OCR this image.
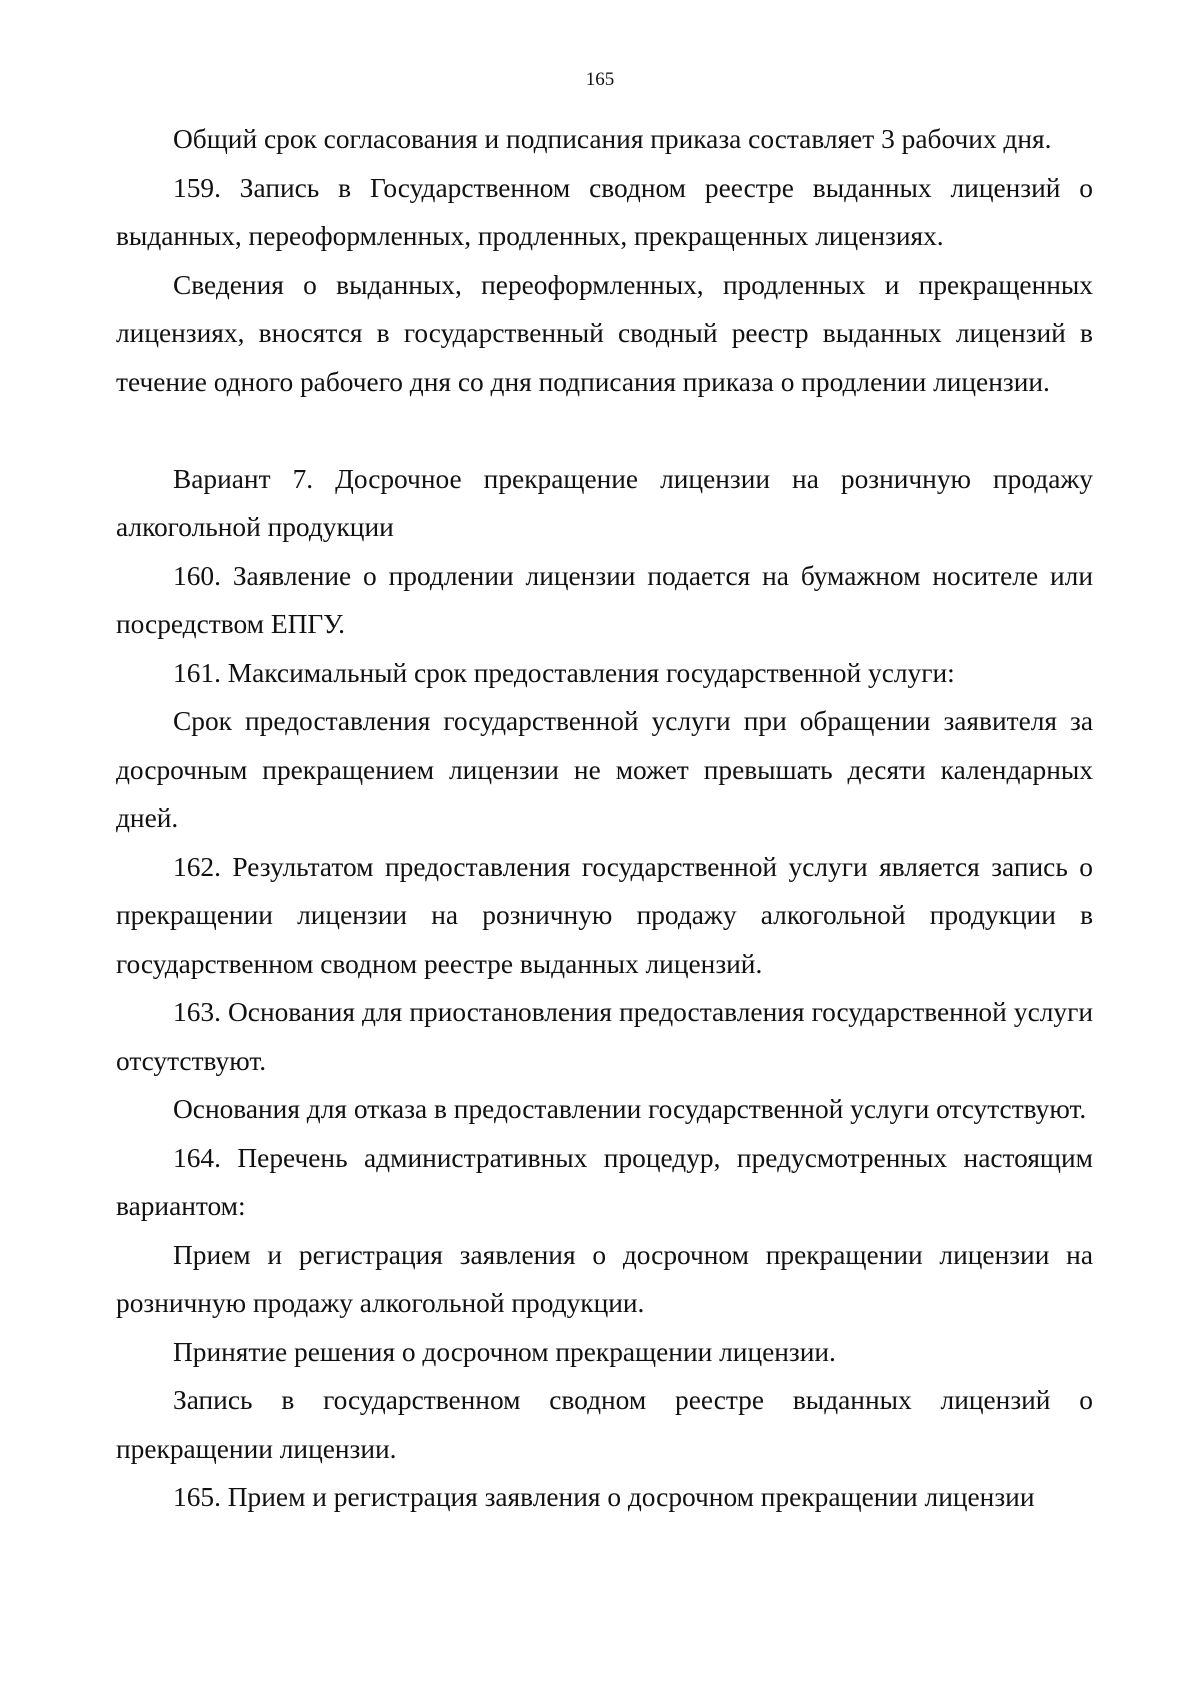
165

Общий срок согласования и подписания приказа составляет 3 рабочих дня.

159. Запись в Государственном сводном реестре выданных лицензий о выданных, переоформленных, продленных, прекращенных лицензиях.

Сведения о выданных, переоформленных, продленных и прекращенных лицензиях, вносятся в государственный сводный реестр выданных лицензий в течение одного рабочего дня со дня подписания приказа о продлении лицензии.

Вариант 7. Досрочное прекращение лицензии на розничную продажу алкогольной продукции

160. Заявление о продлении лицензии подается на бумажном носителе или посредством ЕПГУ.

161. Максимальный срок предоставления государственной услуги:

Срок предоставления государственной услуги при обращении заявителя за досрочным прекращением лицензии не может превышать десяти календарных дней.

162. Результатом предоставления государственной услуги является запись о прекращении лицензии на розничную продажу алкогольной продукции в государственном сводном реестре выданных лицензий.

163. Основания для приостановления предоставления государственной услуги отсутствуют.

Основания для отказа в предоставлении государственной услуги отсутствуют.

164. Перечень административных процедур, предусмотренных настоящим вариантом:

Прием и регистрация заявления о досрочном прекращении лицензии на розничную продажу алкогольной продукции.

Принятие решения о досрочном прекращении лицензии.

Запись в государственном сводном реестре выданных лицензий о прекращении лицензии.

165. Прием и регистрация заявления о досрочном прекращении лицензии
